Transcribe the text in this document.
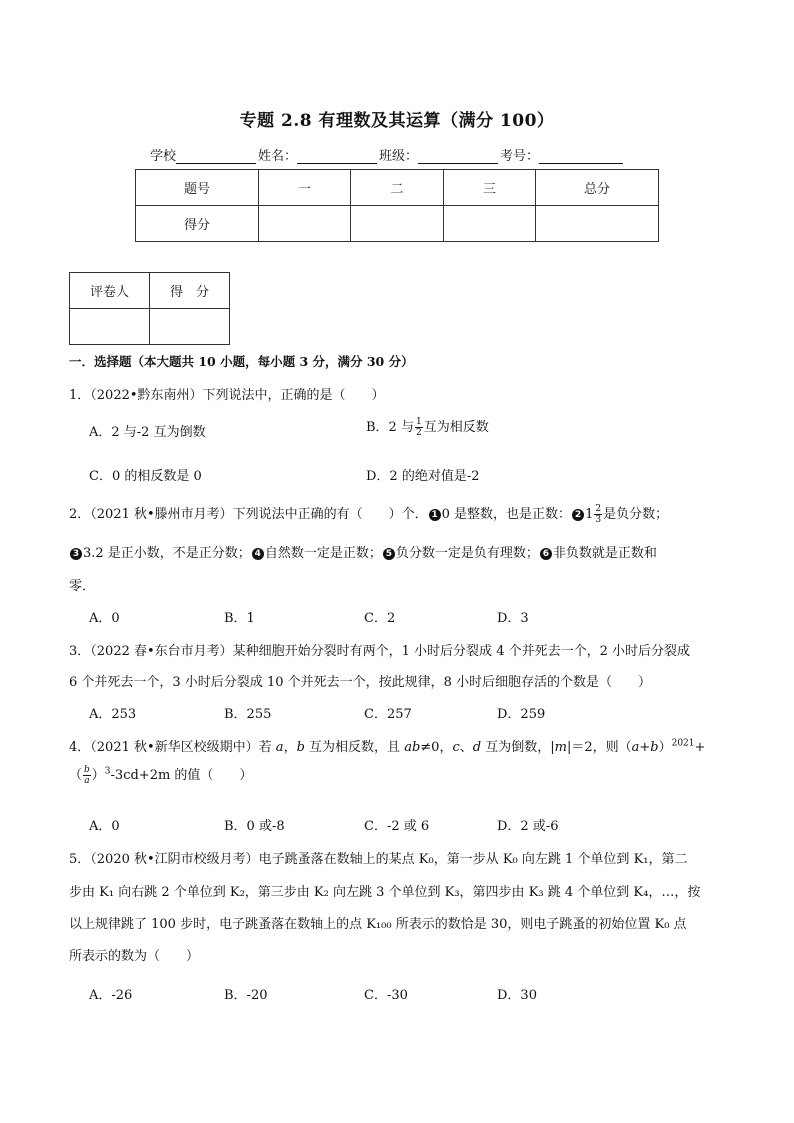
专题 2.8 有理数及其运算（满分 100）
学校	姓名：	班级：	考号：
题号	一	二	三	总分
得分				
评卷人	得　分

一．选择题（本大题共 10 小题，每小题 3 分，满分 30 分）
1．（2022•黔东南州）下列说法中，正确的是（　　）
A．2 与-2 互为倒数	B．2 与 $\frac{1}{2}$ 互为相反数
C．0 的相反数是 0	D．2 的绝对值是-2
2．（2021 秋•滕州市月考）下列说法中正确的有（　　）个． 1 0 是整数，也是正数： 2 $1 \frac{2}{3}$ 是负分数；
3 3.2 是正小数，不是正分数； 4 自然数一定是正数； 5 负分数一定是负有理数； 6 非负数就是正数和
零．
A．0	B．1	C．2	D．3
3．（2022 春•东台市月考）某种细胞开始分裂时有两个，1 小时后分裂成 4 个并死去一个，2 小时后分裂成
6 个并死去一个，3 小时后分裂成 10 个并死去一个，按此规律，8 小时后细胞存活的个数是（　　）
A．253	B．255	C．257	D．259
4．（2021 秋•新华区校级期中）若 a，b 互为相反数，且 ab≠0，c、d 互为倒数，|m|＝2，则$(a+b)^{2021}+$
（ $\frac{b}{a} )^3-3cd+2m$ 的值（　　）
A．0	B．0 或-8	C．-2 或 6	D．2 或-6
5．（2020 秋•江阴市校级月考）电子跳蚤落在数轴上的某点 K₀，第一步从 K₀ 向左跳 1 个单位到 K₁，第二
步由 K₁ 向右跳 2 个单位到 K₂，第三步由 K₂ 向左跳 3 个单位到 K₃，第四步由 K₃ 跳 4 个单位到 K₄，…，按
以上规律跳了 100 步时，电子跳蚤落在数轴上的点 K₁₀₀ 所表示的数恰是 30，则电子跳蚤的初始位置 K₀ 点
所表示的数为（　　）
A．-26	B．-20	C．-30	D．30
